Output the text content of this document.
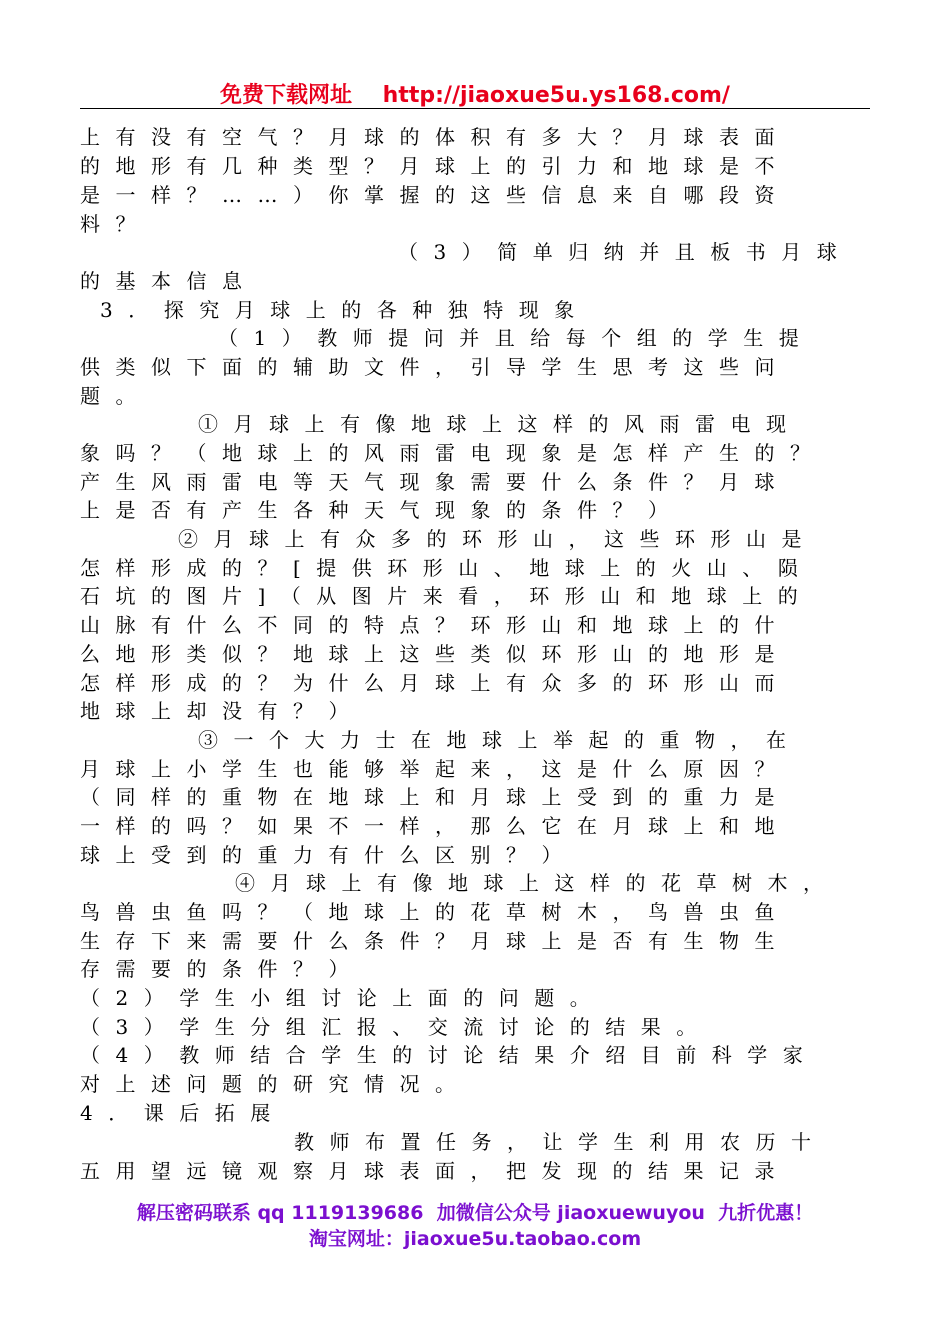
免费下载网址 http://jiaoxue5u.ys168.com/
上有没有空气？月球的体积有多大？月球表面
的地形有几种类型？月球上的引力和地球是不
是一样？……）你掌握的这些信息来自哪段资
料？
（3）简单归纳并且板书月球
的基本信息
3．探究月球上的各种独特现象
（1）教师提问并且给每个组的学生提
供类似下面的辅助文件，引导学生思考这些问
题。
①月球上有像地球上这样的风雨雷电现
象吗？（地球上的风雨雷电现象是怎样产生的？
产生风雨雷电等天气现象需要什么条件？月球
上是否有产生各种天气现象的条件？）
②月球上有众多的环形山，这些环形山是
怎样形成的？[提供环形山、地球上的火山、陨
石坑的图片]（从图片来看，环形山和地球上的
山脉有什么不同的特点？环形山和地球上的什
么地形类似？地球上这些类似环形山的地形是
怎样形成的？为什么月球上有众多的环形山而
地球上却没有？）
③一个大力士在地球上举起的重物，在
月球上小学生也能够举起来，这是什么原因？
（同样的重物在地球上和月球上受到的重力是
一样的吗？如果不一样，那么它在月球上和地
球上受到的重力有什么区别？）
④月球上有像地球上这样的花草树木，
鸟兽虫鱼吗？（地球上的花草树木，鸟兽虫鱼
生存下来需要什么条件？月球上是否有生物生
存需要的条件？）
（2）学生小组讨论上面的问题。
（3）学生分组汇报、交流讨论的结果。
（4）教师结合学生的讨论结果介绍目前科学家
对上述问题的研究情况。
4．课后拓展
教师布置任务，让学生利用农历十
五用望远镜观察月球表面，把发现的结果记录
解压密码联系 qq 1119139686  加微信公众号 jiaoxuewuyou  九折优惠！
淘宝网址：jiaoxue5u.taobao.com
